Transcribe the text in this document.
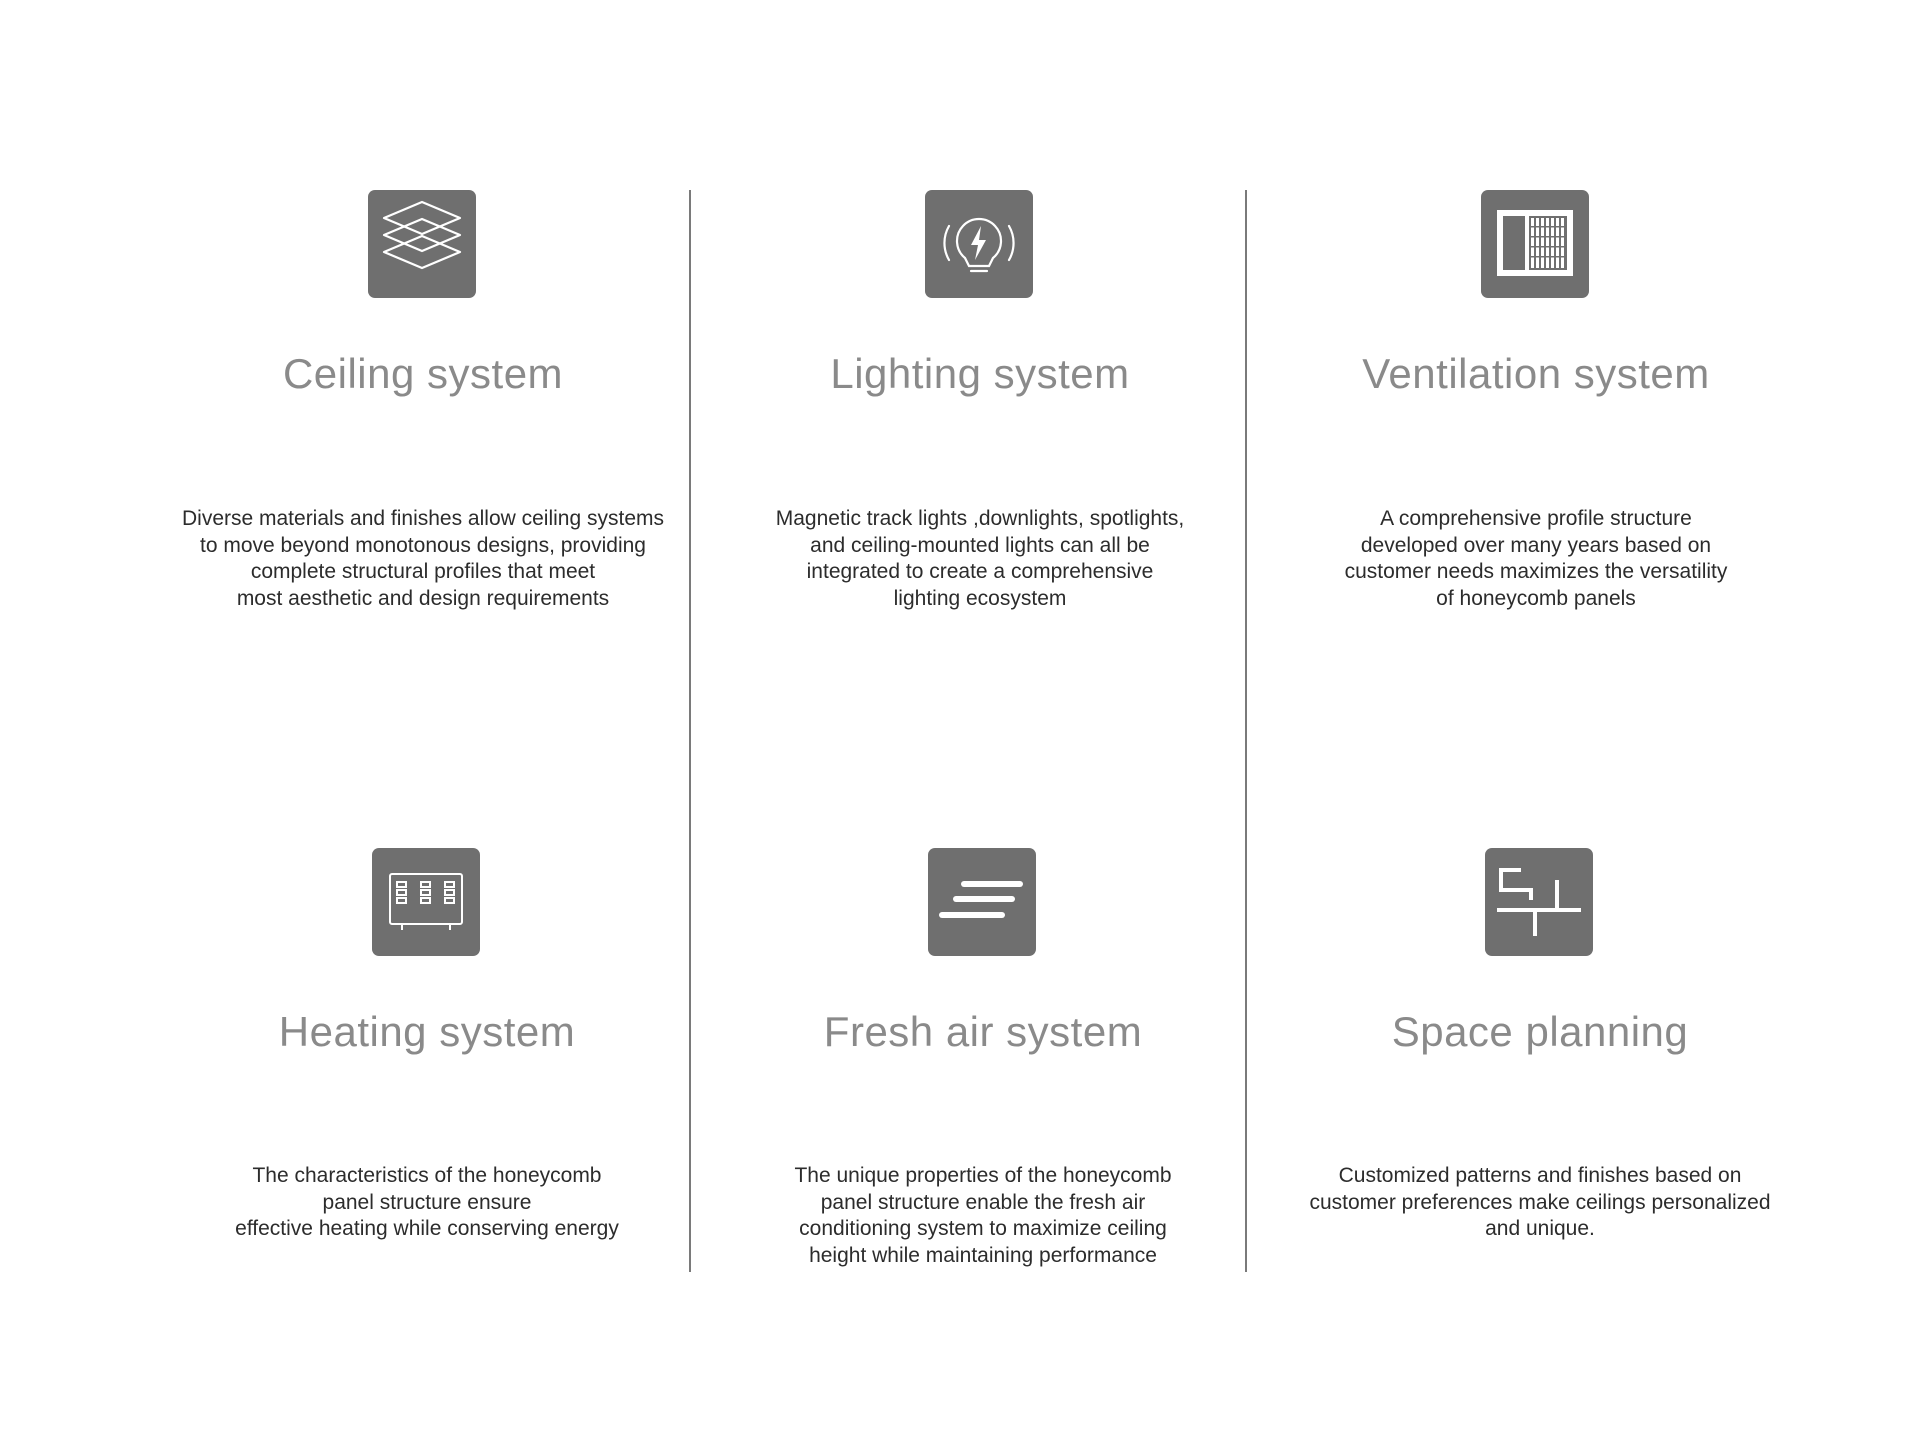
Ceiling system
Diverse materials and finishes allow ceiling systems
to move beyond monotonous designs, providing
complete structural profiles that meet
most aesthetic and design requirements
Lighting system
Magnetic track lights ,downlights, spotlights,
and ceiling-mounted lights can all be
integrated to create a comprehensive
lighting ecosystem
Ventilation system
A comprehensive profile structure
developed over many years based on
customer needs maximizes the versatility
of honeycomb panels
Heating system
The characteristics of the honeycomb
panel structure ensure
effective heating while conserving energy
Fresh air system
The unique properties of the honeycomb
panel structure enable the fresh air
conditioning system to maximize ceiling
height while maintaining performance
Space planning
Customized patterns and finishes based on
customer preferences make ceilings personalized
and unique.
